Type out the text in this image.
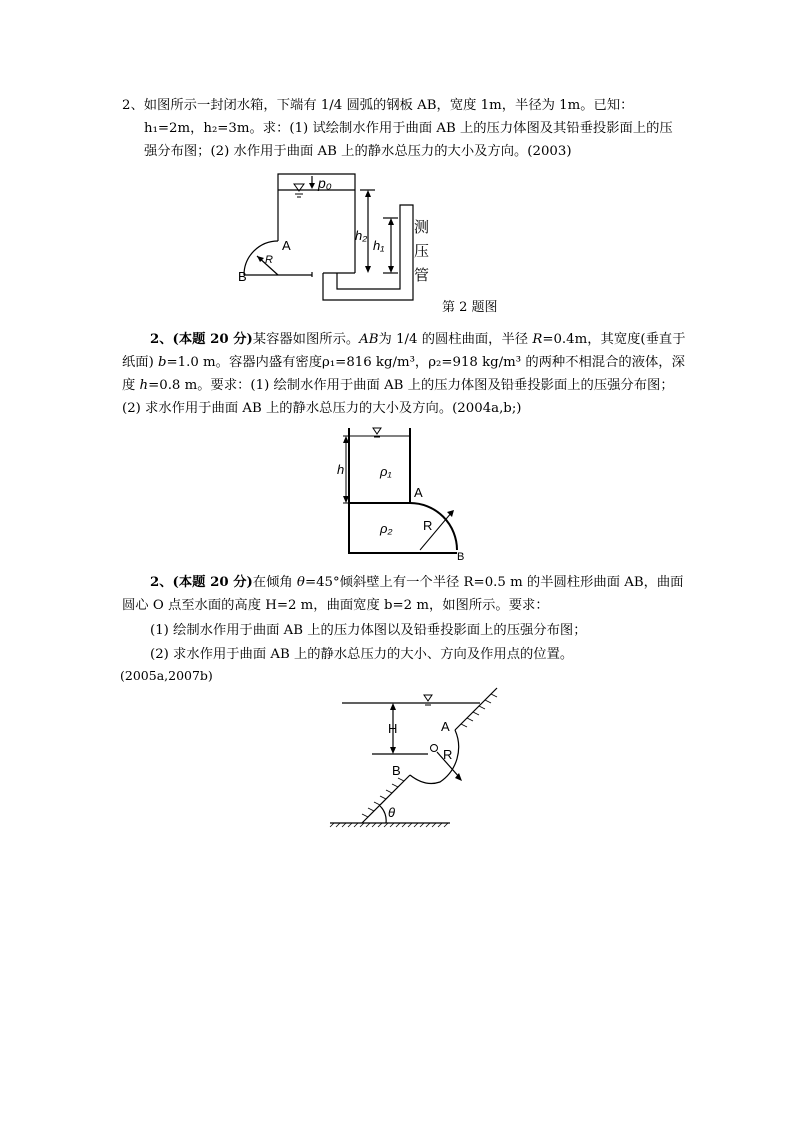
2、如图所示一封闭水箱，下端有 1/4 圆弧的钢板 AB，宽度 1m，半径为 1m。已知：
h₁=2m，h₂=3m。求：(1) 试绘制水作用于曲面 AB 上的压力体图及其铅垂投影面上的压
强分布图；(2) 水作用于曲面 AB 上的静水总压力的大小及方向。(2003)
p₀
A
B
R
h₂
h₁
测
压
管
第 2 题图
2、(本题 20 分)某容器如图所示。AB为 1/4 的圆柱曲面，半径 R=0.4m，其宽度(垂直于纸面) b=1.0 m。容器内盛有密度ρ₁=816 kg/m³，ρ₂=918 kg/m³ 的两种不相混合的液体，深度 h=0.8 m。要求：(1) 绘制水作用于曲面 AB 上的压力体图及铅垂投影面上的压强分布图；(2) 求水作用于曲面 AB 上的静水总压力的大小及方向。(2004a,b;)
h	ρ₁
ρ₂
A
B
R
2、(本题 20 分)在倾角 θ=45°倾斜壁上有一个半径 R=0.5 m 的半圆柱形曲面 AB，曲面圆心 O 点至水面的高度 H=2 m，曲面宽度 b=2 m，如图所示。要求：
(1) 绘制水作用于曲面 AB 上的压力体图以及铅垂投影面上的压强分布图；
(2) 求水作用于曲面 AB 上的静水总压力的大小、方向及作用点的位置。
(2005a,2007b)
H	A
B
R
θ
